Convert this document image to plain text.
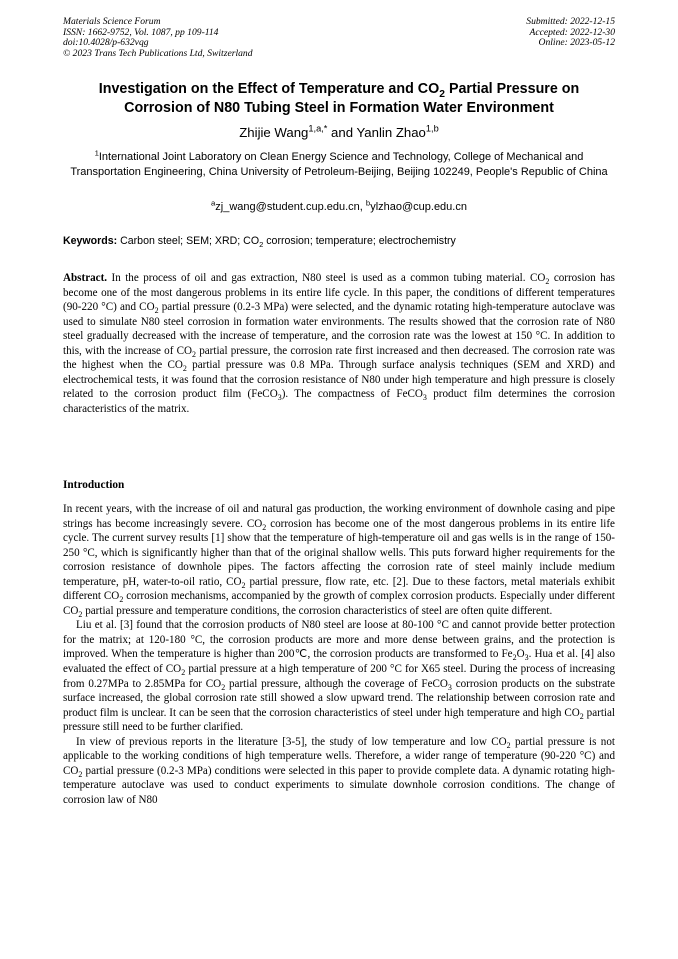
Materials Science Forum
ISSN: 1662-9752, Vol. 1087, pp 109-114
doi:10.4028/p-632vqg
© 2023 Trans Tech Publications Ltd, Switzerland
Submitted: 2022-12-15
Accepted: 2022-12-30
Online: 2023-05-12
Investigation on the Effect of Temperature and $CO_2$ Partial Pressure on
Corrosion of N80 Tubing Steel in Formation Water Environment
Zhijie Wang$^{1,a,*}$ and Yanlin Zhao$^{1,b}$
$^1$International Joint Laboratory on Clean Energy Science and Technology, College of Mechanical and Transportation Engineering, China University of Petroleum-Beijing, Beijing 102249, People's Republic of China
$^a$zj_wang@student.cup.edu.cn, $^b$ylzhao@cup.edu.cn
Keywords: Carbon steel; SEM; XRD; $CO_2$ corrosion; temperature; electrochemistry
Abstract. In the process of oil and gas extraction, N80 steel is used as a common tubing material. $CO_2$ corrosion has become one of the most dangerous problems in its entire life cycle. In this paper, the conditions of different temperatures (90-220 °C) and $CO_2$ partial pressure (0.2-3 MPa) were selected, and the dynamic rotating high-temperature autoclave was used to simulate N80 steel corrosion in formation water environments. The results showed that the corrosion rate of N80 steel gradually decreased with the increase of temperature, and the corrosion rate was the lowest at 150 °C. In addition to this, with the increase of $CO_2$ partial pressure, the corrosion rate first increased and then decreased. The corrosion rate was the highest when the $CO_2$ partial pressure was 0.8 MPa. Through surface analysis techniques (SEM and XRD) and electrochemical tests, it was found that the corrosion resistance of N80 under high temperature and high pressure is closely related to the corrosion product film (FeCO$_3$). The compactness of FeCO$_3$ product film determines the corrosion characteristics of the matrix.
Introduction

In recent years, with the increase of oil and natural gas production, the working environment of downhole casing and pipe strings has become increasingly severe. $CO_2$ corrosion has become one of the most dangerous problems in its entire life cycle. The current survey results [1] show that the temperature of high-temperature oil and gas wells is in the range of 150-250 °C, which is significantly higher than that of the original shallow wells. This puts forward higher requirements for the corrosion resistance of downhole pipes. The factors affecting the corrosion rate of steel mainly include medium temperature, pH, water-to-oil ratio, $CO_2$ partial pressure, flow rate, etc. [2]. Due to these factors, metal materials exhibit different $CO_2$ corrosion mechanisms, accompanied by the growth of complex corrosion products. Especially under different $CO_2$ partial pressure and temperature conditions, the corrosion characteristics of steel are often quite different.

Liu et al. [3] found that the corrosion products of N80 steel are loose at 80-100 °C and cannot provide better protection for the matrix; at 120-180 °C, the corrosion products are more and more dense between grains, and the protection is improved. When the temperature is higher than 200℃, the corrosion products are transformed to $Fe_2O_3$. Hua et al. [4] also evaluated the effect of $CO_2$ partial pressure at a high temperature of 200 °C for X65 steel. During the process of increasing from 0.27MPa to 2.85MPa for $CO_2$ partial pressure, although the coverage of FeCO$_3$ corrosion products on the substrate surface increased, the global corrosion rate still showed a slow upward trend. The relationship between corrosion rate and product film is unclear. It can be seen that the corrosion characteristics of steel under high temperature and high $CO_2$ partial pressure still need to be further clarified.

In view of previous reports in the literature [3-5], the study of low temperature and low $CO_2$ partial pressure is not applicable to the working conditions of high temperature wells. Therefore, a wider range of temperature (90-220 °C) and $CO_2$ partial pressure (0.2-3 MPa) conditions were selected in this paper to provide complete data. A dynamic rotating high-temperature autoclave was used to conduct experiments to simulate downhole corrosion conditions. The change of corrosion law of N80
